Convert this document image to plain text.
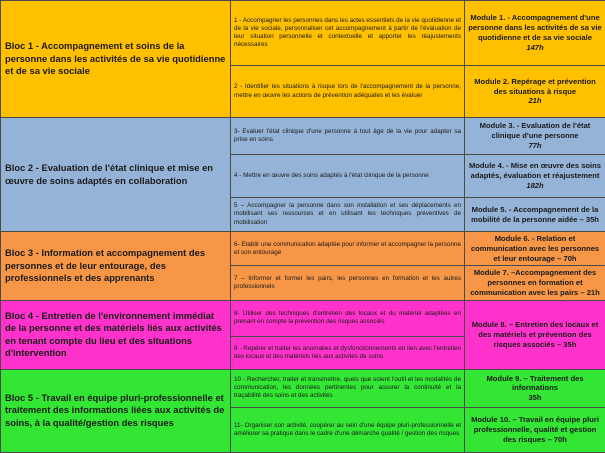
Bloc 1 - Accompagnement et soins de la personne dans les activités de sa vie quotidienne et de sa vie sociale	1 - Accompagner les personnes dans les actes essentiels de la vie quotidienne et de la vie sociale, personnaliser cet accompagnement à partir de l'évaluation de leur situation personnelle et contextuelle et apporter les réajustements nécessaires	Module 1. - Accompagnement d'une personne dans les activités de sa vie quotidienne et de sa vie sociale
147h

	2 - Identifier les situations à risque lors de l'accompagnement de la personne, mettre en œuvre les actions de prévention adéquates et les évaluer	Module 2. Repérage et prévention des situations à risque
21h

Bloc 2 - Evaluation de l'état clinique et mise en œuvre de soins adaptés en collaboration	3- Evaluer l'état clinique d'une personne à tout âge de la vie pour adapter sa prise en soins	Module 3. - Evaluation de l'état clinique d'une personne
77h

	4 - Mettre en œuvre des soins adaptés à l'état clinique de la personne	Module 4. - Mise en œuvre des soins adaptés, évaluation et réajustement
182h

	5 – Accompagner la personne dans son installation et ses déplacements en mobilisant ses ressources et en utilisant les techniques préventives de mobilisation	Module 5. - Accompagnement de la mobilité de la personne aidée – 35h
Bloc 3 - Information et accompagnement des personnes et de leur entourage, des professionnels et des apprenants	6- Etablir une communication adaptée pour informer et accompagner la personne et son entourage	Module 6. - Relation et communication avec les personnes et leur entourage – 70h
	7 – Informer et former les pairs, les personnes en formation et les autres professionnels	Module 7. –Accompagnement des personnes en formation et communication avec les pairs – 21h
Bloc 4 - Entretien de l'environnement immédiat de la personne et des matériels liés aux activités en tenant compte du lieu et des situations d'intervention	8- Utiliser des techniques d'entretien des locaux et du matériel adaptées en prenant en compte la prévention des risques associés	Module 8. – Entretien des locaux et des matériels et prévention des risques associés – 35h
	9 - Repérer et traiter les anomalies et dysfonctionnements en lien avec l'entretien des locaux et des matériels liés aux activités de soins	
Bloc 5 - Travail en équipe pluri-professionnelle et traitement des informations liées aux activités de soins, à la qualité/gestion des risques	10 - Rechercher, traiter et transmettre, quels que soient l'outil et les modalités de communication, les données pertinentes pour assurer la continuité et la traçabilité des soins et des activités	Module 9. – Traitement des informations
35h

	11- Organiser son activité, coopérer au sein d'une équipe pluri-professionnelle et améliorer sa pratique dans le cadre d'une démarche qualité / gestion des risques	Module 10. – Travail en équipe pluri professionnelle, qualité et gestion des risques – 70h
